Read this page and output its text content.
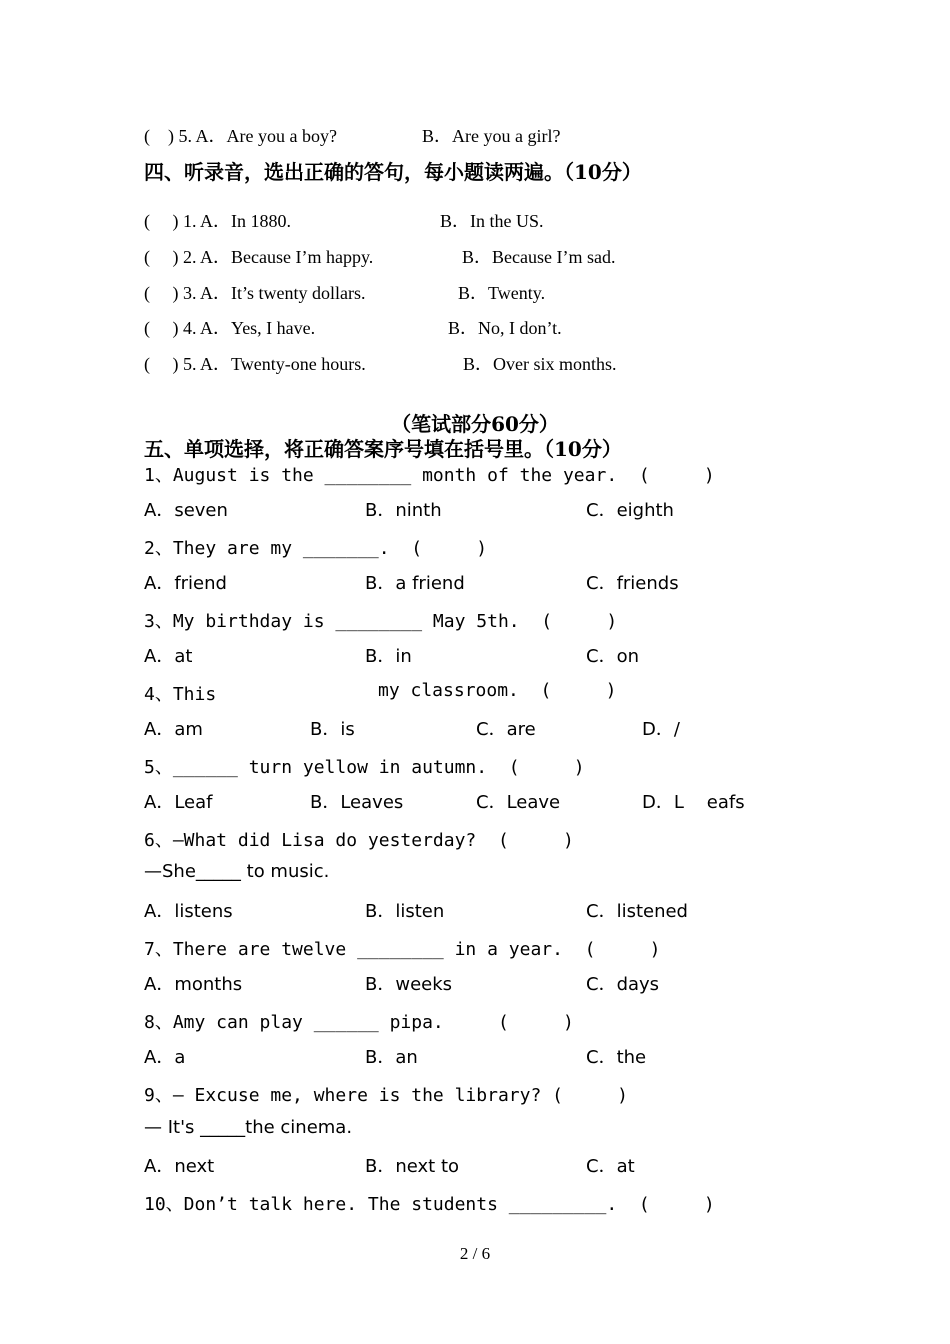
(    ) 5. A．Are you a boy?	B．Are you a girl?
四、听录音，选出正确的答句，每小题读两遍。（10分）
(     ) 1. A．In 1880.	B．In the US.
(     ) 2. A．Because I’m happy.	B．Because I’m sad.
(     ) 3. A．It’s twenty dollars.	B．Twenty.
(     ) 4. A．Yes, I have.	B．No, I don’t.
(     ) 5. A．Twenty-one hours.	B．Over six months.
（笔试部分60分）
五、单项选择，将正确答案序号填在括号里。（10分）
1、August is the ________ month of the year.  (     )
A．seven	B．ninth	C．eighth
2、They are my _______.  (     )
A．friend	B．a friend	C．friends
3、My birthday is ________ May 5th.  (     )
A．at	B．in	C．on
4、This	my classroom.  (     )
A．am	B．is	C．are	D．/
5、______ turn yellow in autumn.  (     )
A．Leaf	B．Leaves	C．Leave	D．L    eafs
6、—What did Lisa do yesterday?  (     )
—She_____ to music.
A．listens	B．listen	C．listened
7、There are twelve ________ in a year.  (     )
A．months	B．weeks	C．days
8、Amy can play ______ pipa.     (     )
A．a	B．an	C．the
9、— Excuse me, where is the library? (     )
— It's _____the cinema.
A．next	B．next to	C．at
10、Don’t talk here. The students _________.  (     )
2 / 6
